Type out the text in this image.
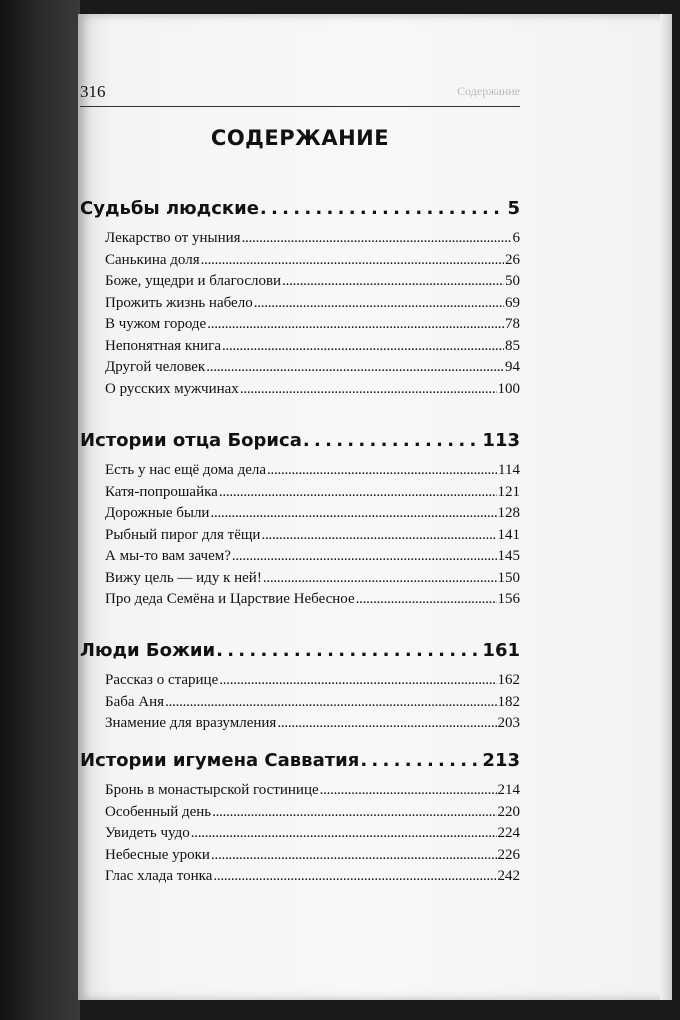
316	Содержание
СОДЕРЖАНИЕ
Судьбы людские . . .	5
Лекарство от уныния . . .	6
Санькина доля . . .	26
Боже, ущедри и благослови . . .	50
Прожить жизнь набело . . .	69
В чужом городе . . .	78
Непонятная книга . . .	85
Другой человек . . .	94
О русских мужчинах . . .	100
Истории отца Бориса . . .	113
Есть у нас ещё дома дела . . .	114
Катя-попрошайка . . .	121
Дорожные были . . .	128
Рыбный пирог для тёщи . . .	141
А мы-то вам зачем? . . .	145
Вижу цель — иду к ней! . . .	150
Про деда Семёна и Царствие Небесное . . .	156
Люди Божии . . .	161
Рассказ о старице . . .	162
Баба Аня . . .	182
Знамение для вразумления . . .	203
Истории игумена Савватия . . .	213
Бронь в монастырской гостинице . . .	214
Особенный день . . .	220
Увидеть чудо . . .	224
Небесные уроки . . .	226
Глас хлада тонка . . .	242
